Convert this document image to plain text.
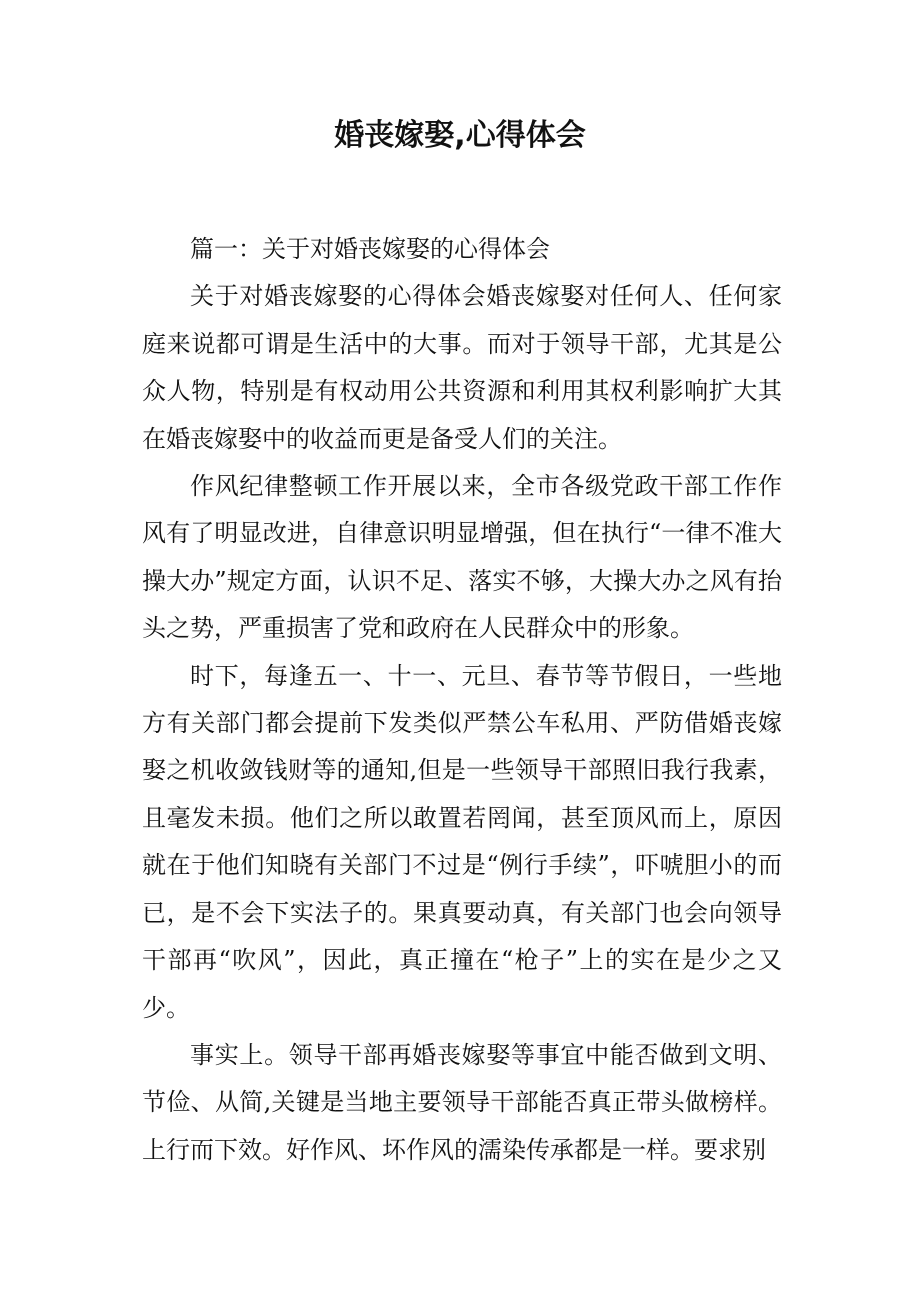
婚丧嫁娶,心得体会

篇一：关于对婚丧嫁娶的心得体会

关于对婚丧嫁娶的心得体会婚丧嫁娶对任何人、任何家庭来说都可谓是生活中的大事。而对于领导干部，尤其是公众人物，特别是有权动用公共资源和利用其权利影响扩大其在婚丧嫁娶中的收益而更是备受人们的关注。

作风纪律整顿工作开展以来，全市各级党政干部工作作风有了明显改进，自律意识明显增强，但在执行“一律不准大操大办”规定方面，认识不足、落实不够，大操大办之风有抬头之势，严重损害了党和政府在人民群众中的形象。

时下，每逢五一、十一、元旦、春节等节假日，一些地方有关部门都会提前下发类似严禁公车私用、严防借婚丧嫁娶之机收敛钱财等的通知,但是一些领导干部照旧我行我素，且毫发未损。他们之所以敢置若罔闻，甚至顶风而上，原因就在于他们知晓有关部门不过是“例行手续”，吓唬胆小的而已，是不会下实法子的。果真要动真，有关部门也会向领导干部再“吹风”，因此，真正撞在“枪子”上的实在是少之又少。

事实上。领导干部再婚丧嫁娶等事宜中能否做到文明、节俭、从简,关键是当地主要领导干部能否真正带头做榜样。上行而下效。好作风、坏作风的濡染传承都是一样。要求别
